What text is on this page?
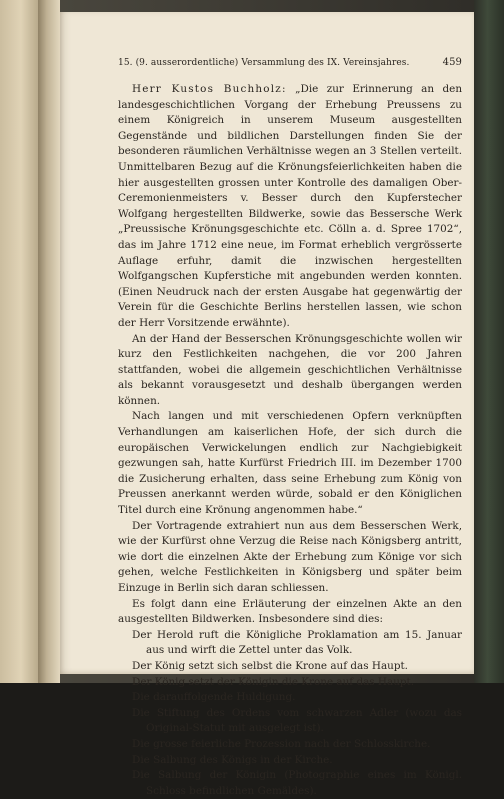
15. (9. ausserordentliche) Versammlung des IX. Vereinsjahres.	459

Herr Kustos Buchholz: „Die zur Erinnerung an den landesgeschichtlichen Vorgang der Erhebung Preussens zu einem Königreich in unserem Museum ausgestellten Gegenstände und bildlichen Darstellungen finden Sie der besonderen räumlichen Verhältnisse wegen an 3 Stellen verteilt. Unmittelbaren Bezug auf die Krönungsfeierlichkeiten haben die hier ausgestellten grossen unter Kontrolle des damaligen Ober-Ceremonienmeisters v. Besser durch den Kupferstecher Wolfgang hergestellten Bildwerke, sowie das Bessersche Werk „Preussische Krönungsgeschichte etc. Cölln a. d. Spree 1702“, das im Jahre 1712 eine neue, im Format erheblich vergrösserte Auflage erfuhr, damit die inzwischen hergestellten Wolfgangschen Kupferstiche mit angebunden werden konnten. (Einen Neudruck nach der ersten Ausgabe hat gegenwärtig der Verein für die Geschichte Berlins herstellen lassen, wie schon der Herr Vorsitzende erwähnte).

An der Hand der Besserschen Krönungsgeschichte wollen wir kurz den Festlichkeiten nachgehen, die vor 200 Jahren stattfanden, wobei die allgemein geschichtlichen Verhältnisse als bekannt vorausgesetzt und deshalb übergangen werden können.

Nach langen und mit verschiedenen Opfern verknüpften Verhandlungen am kaiserlichen Hofe, der sich durch die europäischen Verwickelungen endlich zur Nachgiebigkeit gezwungen sah, hatte Kurfürst Friedrich III. im Dezember 1700 die Zusicherung erhalten, dass seine Erhebung zum König von Preussen anerkannt werden würde, sobald er den Königlichen Titel durch eine Krönung angenommen habe.“

Der Vortragende extrahiert nun aus dem Besserschen Werk, wie der Kurfürst ohne Verzug die Reise nach Königsberg antritt, wie dort die einzelnen Akte der Erhebung zum Könige vor sich gehen, welche Festlichkeiten in Königsberg und später beim Einzuge in Berlin sich daran schliessen.

Es folgt dann eine Erläuterung der einzelnen Akte an den ausgestellten Bildwerken. Insbesondere sind dies:

Der Herold ruft die Königliche Proklamation am 15. Januar aus und wirft die Zettel unter das Volk.
Der König setzt sich selbst die Krone auf das Haupt.
Der König setzt der Königin die Krone auf das Haupt.
Die darauffolgende Huldigung.
Die Stiftung des Ordens vom schwarzen Adler (wozu das Original-Statut mit ausgelegt ist).
Die grosse feierliche Prozession nach der Schlosskirche.
Die Salbung des Königs in der Kirche.
Die Salbung der Königin (Photographie eines im Königl. Schloss befindlichen Gemäldes).
